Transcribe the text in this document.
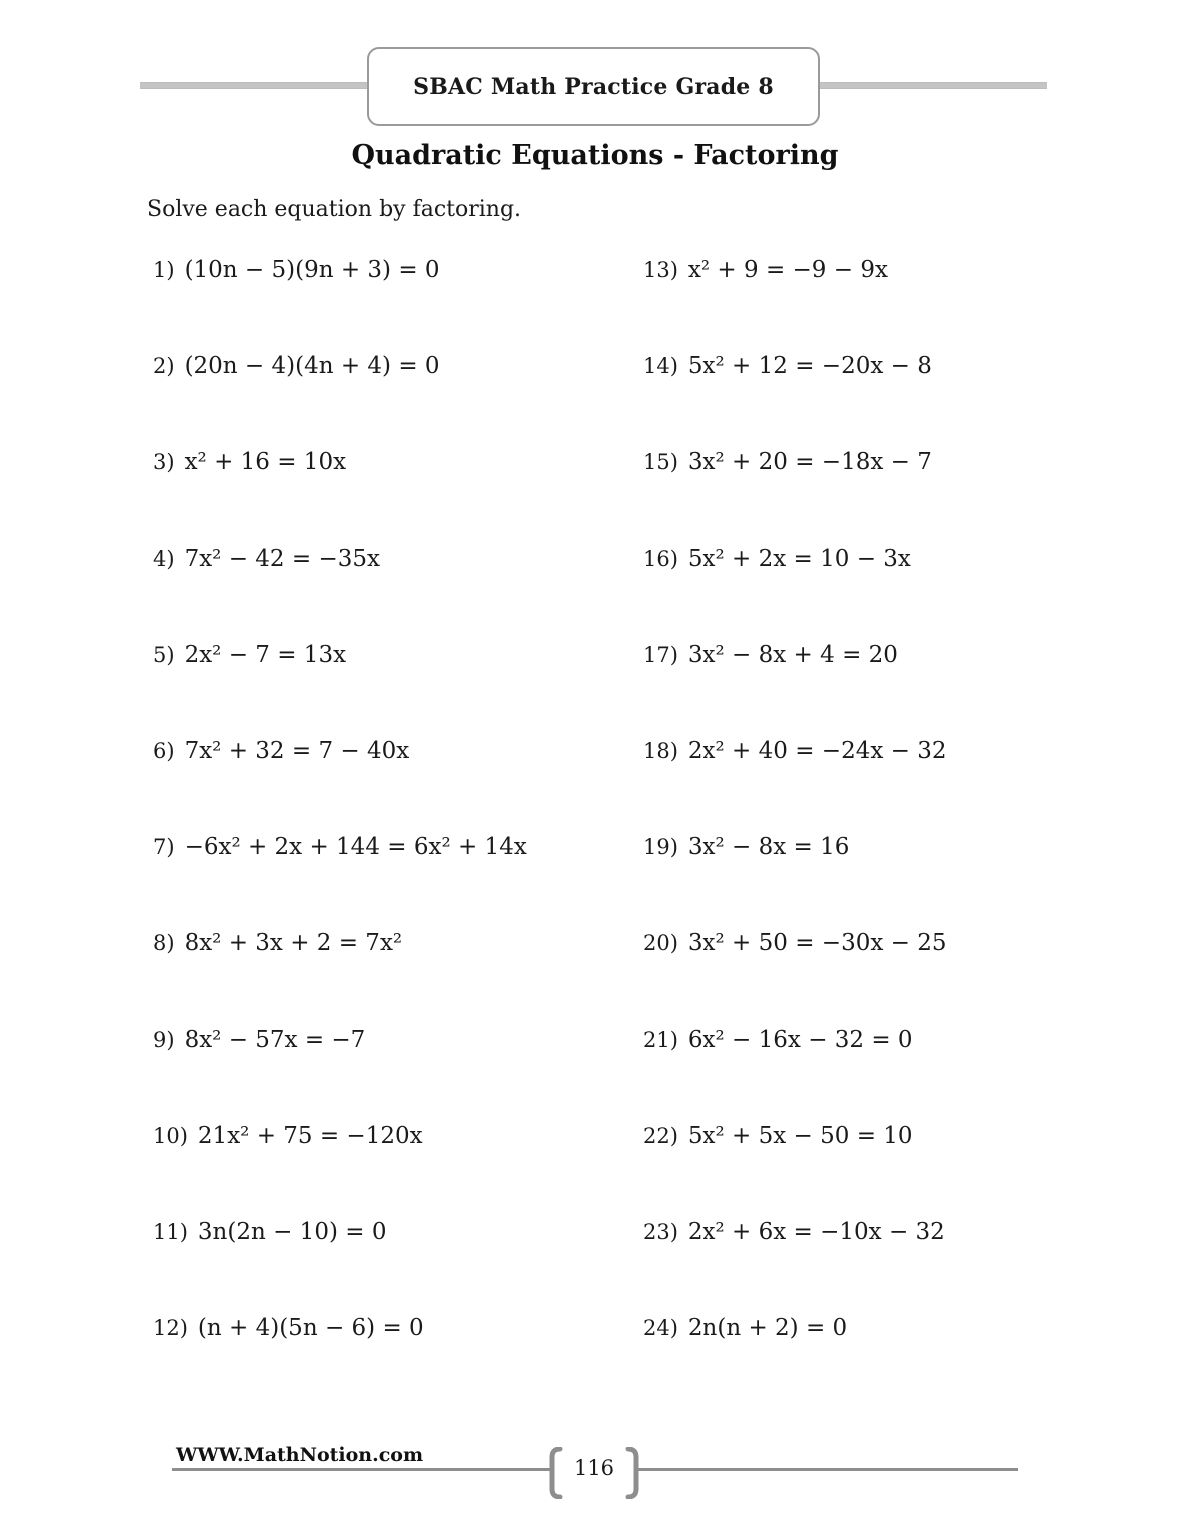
SBAC Math Practice Grade 8
Quadratic Equations - Factoring
Solve each equation by factoring.
1) (10n − 5)(9n + 3) = 0
2) (20n − 4)(4n + 4) = 0
3) x² + 16 = 10x
4) 7x² − 42 = −35x
5) 2x² − 7 = 13x
6) 7x² + 32 = 7 − 40x
7) −6x² + 2x + 144 = 6x² + 14x
8) 8x² + 3x + 2 = 7x²
9) 8x² − 57x = −7
10) 21x² + 75 = −120x
11) 3n(2n − 10) = 0
12) (n + 4)(5n − 6) = 0
13) x² + 9 = −9 − 9x
14) 5x² + 12 = −20x − 8
15) 3x² + 20 = −18x − 7
16) 5x² + 2x = 10 − 3x
17) 3x² − 8x + 4 = 20
18) 2x² + 40 = −24x − 32
19) 3x² − 8x = 16
20) 3x² + 50 = −30x − 25
21) 6x² − 16x − 32 = 0
22) 5x² + 5x − 50 = 10
23) 2x² + 6x = −10x − 32
24) 2n(n + 2) = 0
WWW.MathNotion.com
116
